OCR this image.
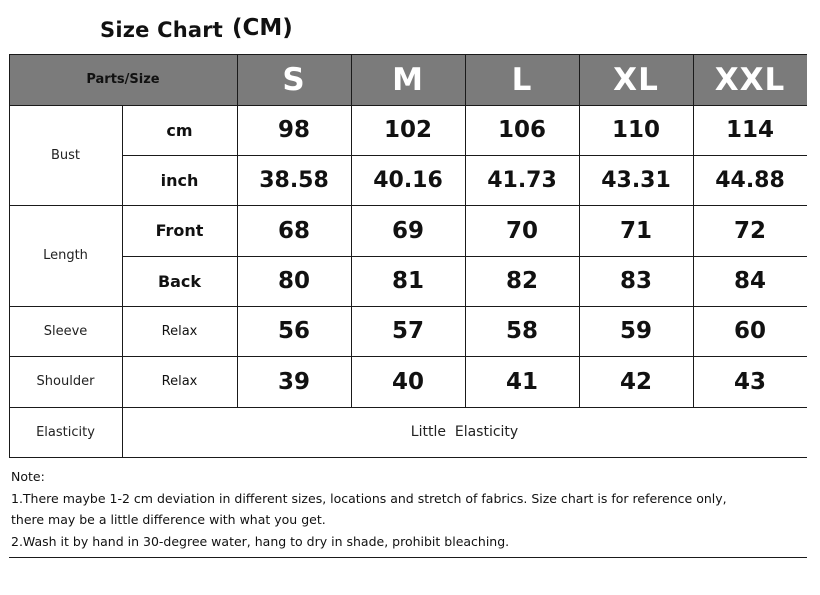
Size Chart (CM)
Parts/Size	S	M	L	XL	XXL
Bust
cm	98	102	106	110	114
inch	38.58	40.16	41.73	43.31	44.88
Length
Front	68	69	70	71	72
Back	80	81	82	83	84
Sleeve	Relax	56	57	58	59	60
Shoulder	Relax	39	40	41	42	43
Elasticity	Little  Elasticity

Note:

1.There maybe 1-2 cm deviation in different sizes, locations and stretch of fabrics. Size chart is for reference only,

there may be a little difference with what you get.

2.Wash it by hand in 30-degree water, hang to dry in shade, prohibit bleaching.
